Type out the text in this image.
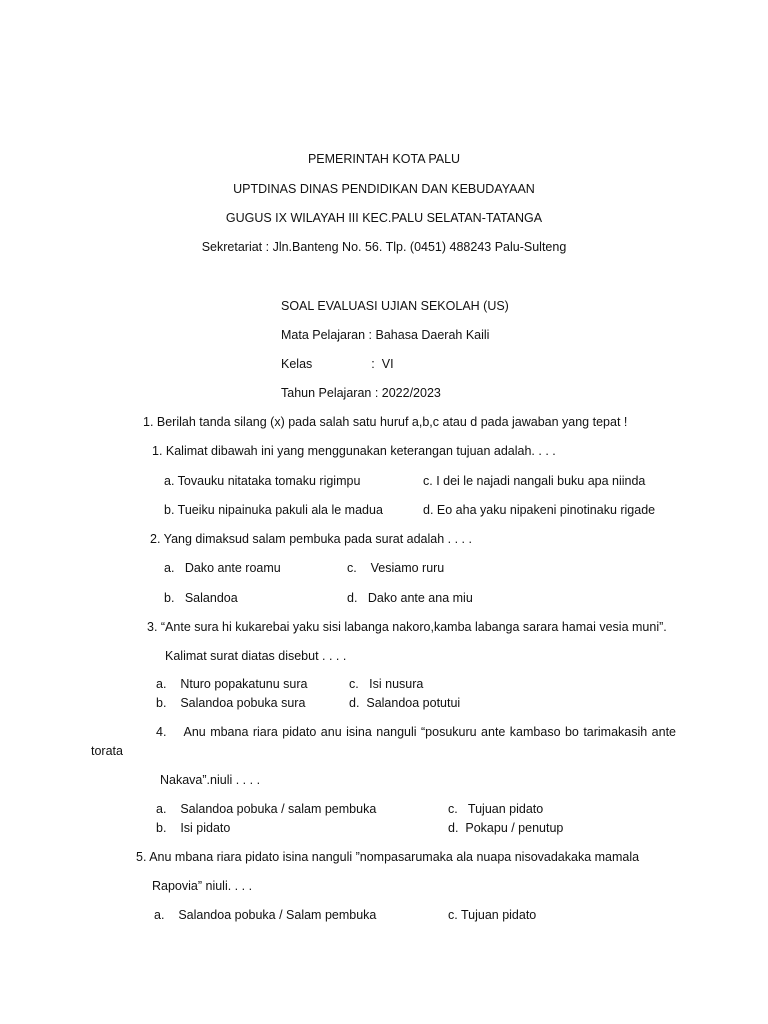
PEMERINTAH KOTA PALU
UPTDINAS DINAS PENDIDIKAN DAN KEBUDAYAAN
GUGUS IX WILAYAH III KEC.PALU SELATAN-TATANGA
Sekretariat : Jln.Banteng No. 56. Tlp. (0451) 488243 Palu-Sulteng
SOAL EVALUASI UJIAN SEKOLAH (US)
Mata Pelajaran : Bahasa Daerah Kaili
Kelas                 :  VI
Tahun Pelajaran : 2022/2023
1. Berilah tanda silang (x) pada salah satu huruf a,b,c atau d pada jawaban yang tepat !
1. Kalimat dibawah ini yang menggunakan keterangan tujuan adalah. . . .
a. Tovauku nitataka tomaku rigimpu	c. I dei le najadi nangali buku apa niinda
b. Tueiku nipainuka pakuli ala le madua	d. Eo aha yaku nipakeni pinotinaku rigade
2. Yang dimaksud salam pembuka pada surat adalah . . . .
a.   Dako ante roamu	c.    Vesiamo ruru
b.   Salandoa	d.   Dako ante ana miu
3. “Ante sura hi kukarebai yaku sisi labanga nakoro,kamba labanga sarara hamai vesia muni”.
Kalimat surat diatas disebut . . . .
a.    Nturo popakatunu sura	c.   Isi nusura
b.    Salandoa pobuka sura	d.  Salandoa potutui
4.    Anu mbana riara pidato anu isina nanguli “posukuru ante kambaso bo tarimakasih ante
torata
Nakava”.niuli . . . .
a.    Salandoa pobuka / salam pembuka	c.   Tujuan pidato
b.    Isi pidato	d.  Pokapu / penutup
5. Anu mbana riara pidato isina nanguli ”nompasarumaka ala nuapa nisovadakaka mamala
Rapovia” niuli. . . .
a.    Salandoa pobuka / Salam pembuka	c. Tujuan pidato
